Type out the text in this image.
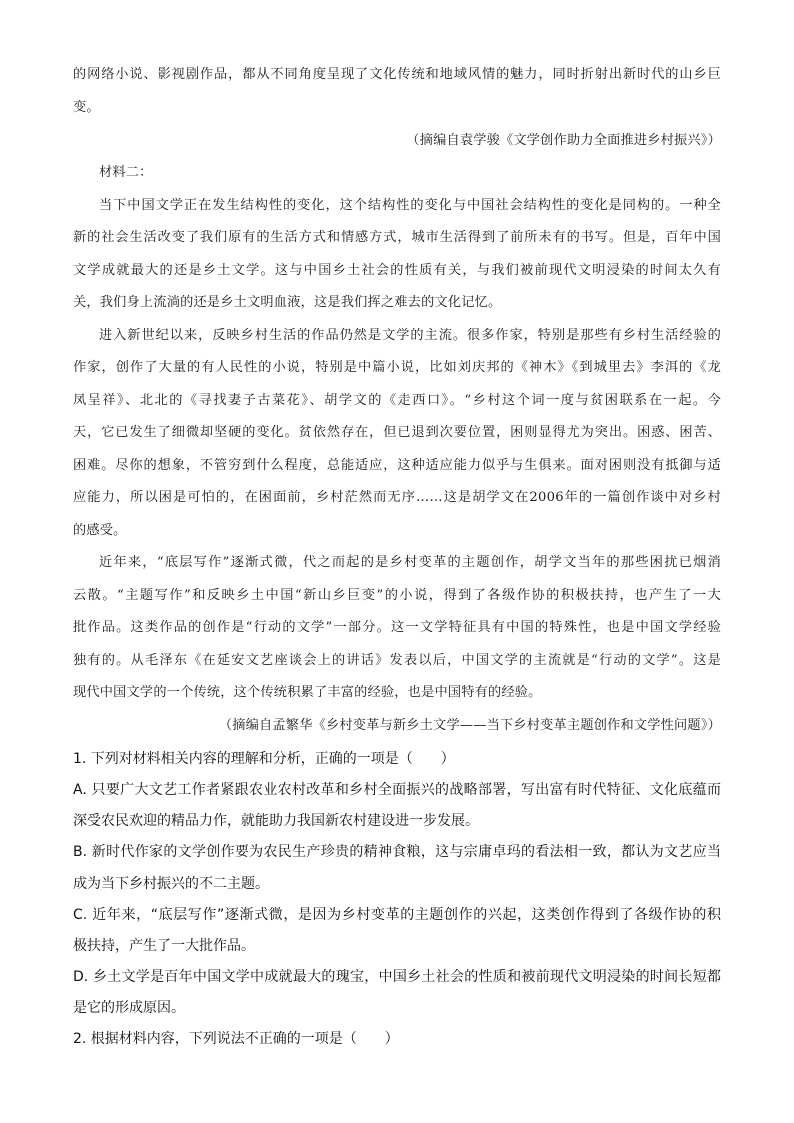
的网络小说、影视剧作品，都从不同角度呈现了文化传统和地域风情的魅力，同时折射出新时代的山乡巨
变。
（摘编自袁学骏《文学创作助力全面推进乡村振兴》）
材料二：
当下中国文学正在发生结构性的变化，这个结构性的变化与中国社会结构性的变化是同构的。一种全
新的社会生活改变了我们原有的生活方式和情感方式，城市生活得到了前所未有的书写。但是，百年中国
文学成就最大的还是乡土文学。这与中国乡土社会的性质有关，与我们被前现代文明浸染的时间太久有
关，我们身上流淌的还是乡土文明血液，这是我们挥之难去的文化记忆。
进入新世纪以来，反映乡村生活的作品仍然是文学的主流。很多作家，特别是那些有乡村生活经验的
作家，创作了大量的有人民性的小说，特别是中篇小说，比如刘庆邦的《神木》《到城里去》李洱的《龙
凤呈祥》、北北的《寻找妻子古菜花》、胡学文的《走西口》。“乡村这个词一度与贫困联系在一起。今
天，它已发生了细微却坚硬的变化。贫依然存在，但已退到次要位置，困则显得尤为突出。困惑、困苦、
困难。尽你的想象，不管穷到什么程度，总能适应，这种适应能力似乎与生俱来。面对困则没有抵御与适
应能力，所以困是可怕的，在困面前，乡村茫然而无序……这是胡学文在2006年的一篇创作谈中对乡村
的感受。
近年来，“底层写作”逐渐式微，代之而起的是乡村变革的主题创作，胡学文当年的那些困扰已烟消
云散。“主题写作”和反映乡土中国“新山乡巨变”的小说，得到了各级作协的积极扶持，也产生了一大
批作品。这类作品的创作是“行动的文学”一部分。这一文学特征具有中国的特殊性，也是中国文学经验
独有的。从毛泽东《在延安文艺座谈会上的讲话》发表以后，中国文学的主流就是“行动的文学”。这是
现代中国文学的一个传统，这个传统积累了丰富的经验，也是中国特有的经验。
（摘编自孟繁华《乡村变革与新乡土文学——当下乡村变革主题创作和文学性问题》）
1. 下列对材料相关内容的理解和分析，正确的一项是（　　）
A. 只要广大文艺工作者紧跟农业农村改革和乡村全面振兴的战略部署，写出富有时代特征、文化底蕴而
深受农民欢迎的精品力作，就能助力我国新农村建设进一步发展。
B. 新时代作家的文学创作要为农民生产珍贵的精神食粮，这与宗庸卓玛的看法相一致，都认为文艺应当
成为当下乡村振兴的不二主题。
C. 近年来，“底层写作”逐渐式微，是因为乡村变革的主题创作的兴起，这类创作得到了各级作协的积
极扶持，产生了一大批作品。
D. 乡土文学是百年中国文学中成就最大的瑰宝，中国乡土社会的性质和被前现代文明浸染的时间长短都
是它的形成原因。
2. 根据材料内容，下列说法不正确的一项是（　　）
